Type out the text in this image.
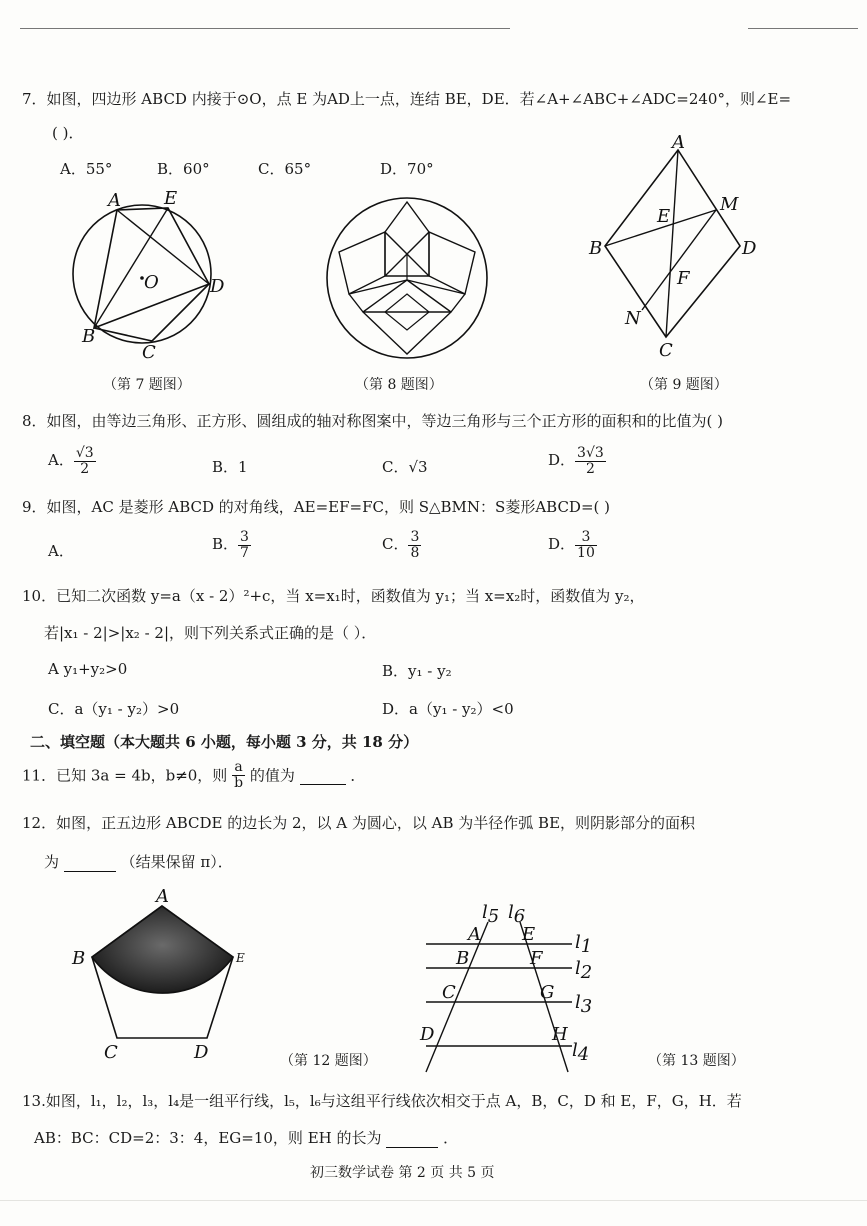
7．如图，四边形 ABCD 内接于⊙O，点 E 为AD上一点，连结 BE，DE．若∠A+∠ABC+∠ADC=240°，则∠E=
( )．
A．55°	B．60°	C．65°	D．70°
A E
O	D
B
C
（第 7 题图）	（第 8 题图）
A
E
M
B	D
F
N
C
（第 9 题图）
8．如图，由等边三角形、正方形、圆组成的轴对称图案中，等边三角形与三个正方形的面积和的比值为( )
A． $\frac{√3}{2}$	B．1	C．√3	D． $\frac{3√3}{2}$
9．如图，AC 是菱形 ABCD 的对角线，AE=EF=FC，则 S△BMN：S菱形ABCD=( )
A．	B． $\frac{3}{7}$	C． $\frac{3}{8}$	D． $\frac{3}{10}$
10．已知二次函数 y=a（x - 2）²+c，当 x=x₁时，函数值为 y₁；当 x=x₂时，函数值为 y₂，
若|x₁ - 2|>|x₂ - 2|，则下列关系式正确的是（ ）．
A y₁+y₂>0	B．y₁ - y₂
C．a（y₁ - y₂）>0	D．a（y₁ - y₂）<0
二、填空题（本大题共 6 小题，每小题 3 分，共 18 分）
11．已知 3a = 4b，b≠0，则 $\frac{a}{b}$ 的值为	．
12．如图，正五边形 ABCDE 的边长为 2，以 A 为圆心，以 AB 为半径作弧 BE，则阴影部分的面积
为	（结果保留 π）．
A
B	E
C	D	（第 12 题图）
l5 l6
A E
B	F
C	G
D	H
l1
l2
l3
l4	（第 13 题图）
13.如图，l₁，l₂，l₃，l₄是一组平行线，l₅，l₆与这组平行线依次相交于点 A，B，C，D 和 E，F，G，H．若
AB：BC：CD=2：3：4，EG=10，则 EH 的长为	．
初三数学试卷 第 2 页 共 5 页
